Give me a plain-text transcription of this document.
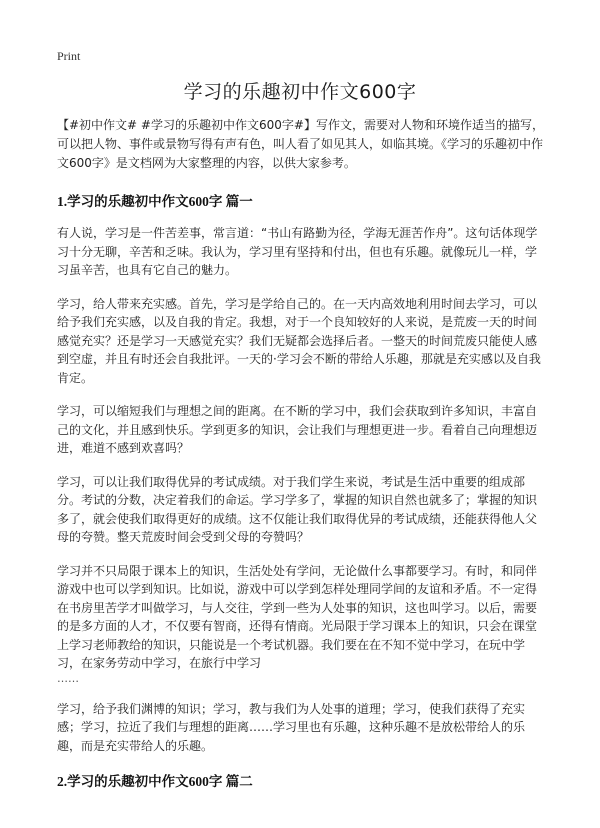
Print
学习的乐趣初中作文600字

【#初中作文# #学习的乐趣初中作文600字#】写作文，需要对人物和环境作适当的描写，可以把人物、事件或景物写得有声有色，叫人看了如见其人，如临其境。《学习的乐趣初中作文600字》是文档网为大家整理的内容，以供大家参考。

1.学习的乐趣初中作文600字 篇一

有人说，学习是一件苦差事，常言道：“书山有路勤为径，学海无涯苦作舟”。这句话体现学习十分无聊，辛苦和乏味。我认为，学习里有坚持和付出，但也有乐趣。就像玩儿一样，学习虽辛苦，也具有它自己的魅力。

学习，给人带来充实感。首先，学习是学给自己的。在一天内高效地利用时间去学习，可以给予我们充实感，以及自我的肯定。我想，对于一个良知较好的人来说，是荒废一天的时间感觉充实？还是学习一天感觉充实？我们无疑都会选择后者。一整天的时间荒废只能使人感到空虚，并且有时还会自我批评。一天的·学习会不断的带给人乐趣，那就是充实感以及自我肯定。

学习，可以缩短我们与理想之间的距离。在不断的学习中，我们会获取到许多知识，丰富自己的文化，并且感到快乐。学到更多的知识，会让我们与理想更进一步。看着自己向理想迈进，难道不感到欢喜吗？

学习，可以让我们取得优异的考试成绩。对于我们学生来说，考试是生活中重要的组成部分。考试的分数，决定着我们的命运。学习学多了，掌握的知识自然也就多了；掌握的知识多了，就会使我们取得更好的成绩。这不仅能让我们取得优异的考试成绩，还能获得他人父母的夸赞。整天荒废时间会受到父母的夸赞吗？

学习并不只局限于课本上的知识，生活处处有学问，无论做什么事都要学习。有时，和同伴游戏中也可以学到知识。比如说，游戏中可以学到怎样处理同学间的友谊和矛盾。不一定得在书房里苦学才叫做学习，与人交往，学到一些为人处事的知识，这也叫学习。以后，需要的是多方面的人才，不仅要有智商，还得有情商。光局限于学习课本上的知识，只会在课堂上学习老师教给的知识，只能说是一个考试机器。我们要在在不知不觉中学习，在玩中学习，在家务劳动中学习，在旅行中学习

……

学习，给予我们渊博的知识；学习，教与我们为人处事的道理；学习，使我们获得了充实感；学习，拉近了我们与理想的距离……学习里也有乐趣，这种乐趣不是放松带给人的乐趣，而是充实带给人的乐趣。

2.学习的乐趣初中作文600字 篇二
